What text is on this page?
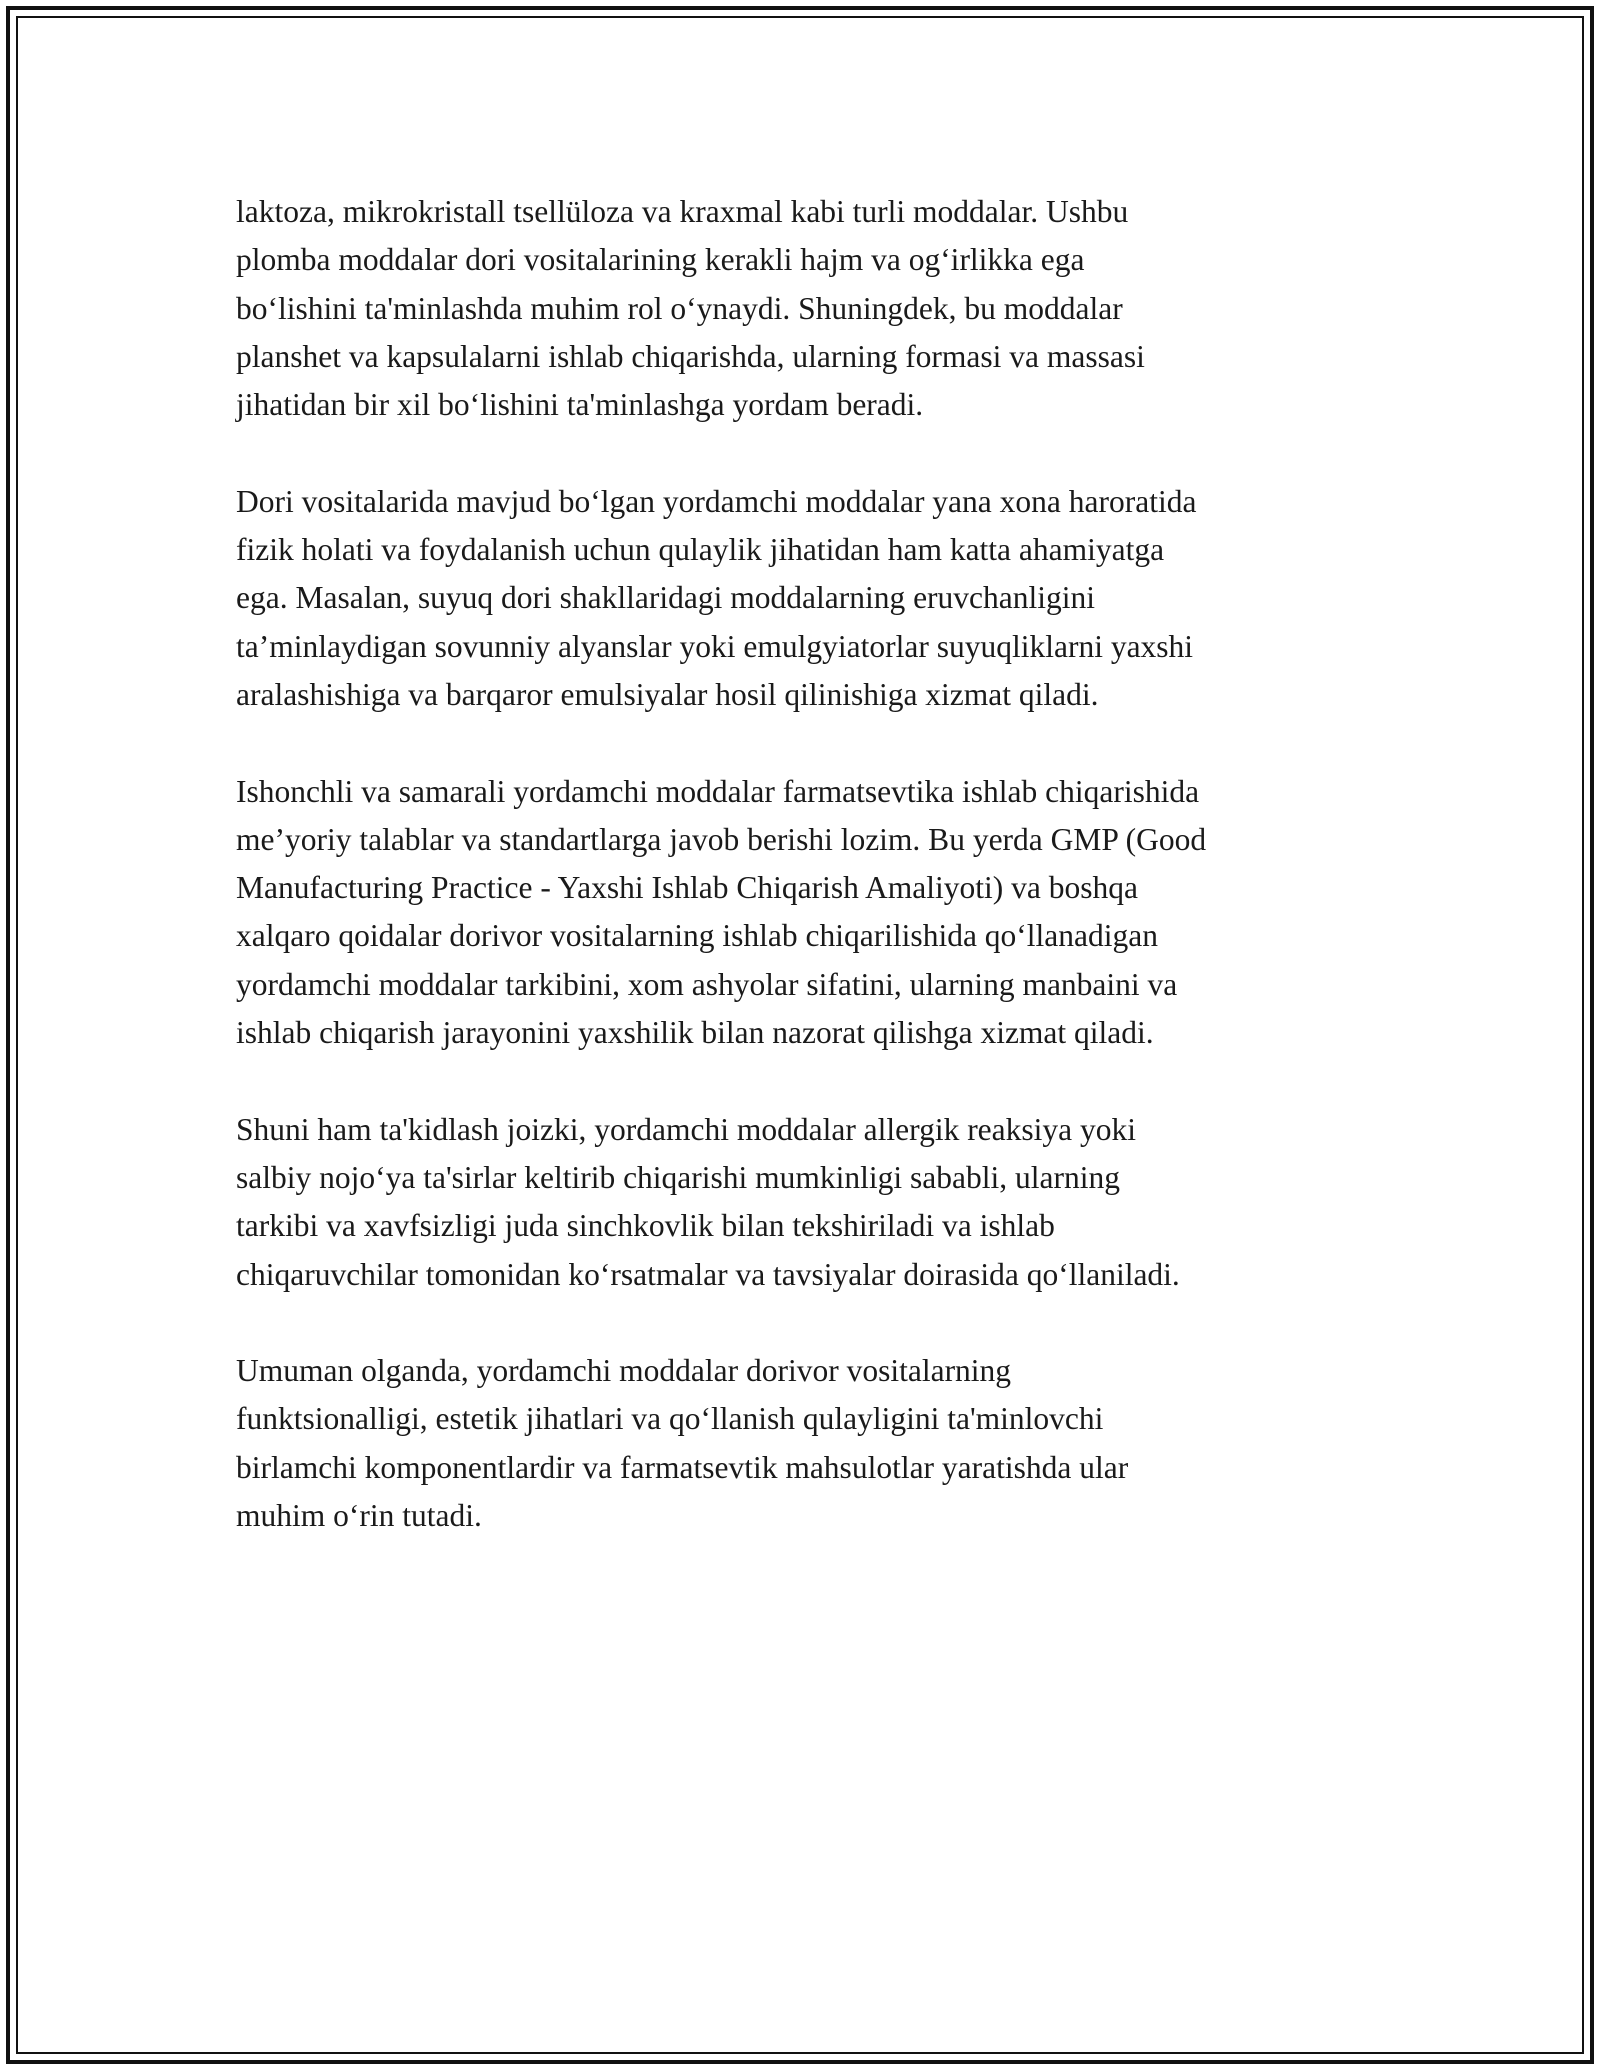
laktoza, mikrokristall tsellüloza va kraxmal kabi turli moddalar. Ushbu
plomba moddalar dori vositalarining kerakli hajm va og‘irlikka ega
bo‘lishini ta'minlashda muhim rol o‘ynaydi. Shuningdek, bu moddalar
planshet va kapsulalarni ishlab chiqarishda, ularning formasi va massasi
jihatidan bir xil bo‘lishini ta'minlashga yordam beradi.

Dori vositalarida mavjud bo‘lgan yordamchi moddalar yana xona haroratida
fizik holati va foydalanish uchun qulaylik jihatidan ham katta ahamiyatga
ega. Masalan, suyuq dori shakllaridagi moddalarning eruvchanligini
ta’minlaydigan sovunniy alyanslar yoki emulgyiatorlar suyuqliklarni yaxshi
aralashishiga va barqaror emulsiyalar hosil qilinishiga xizmat qiladi.

Ishonchli va samarali yordamchi moddalar farmatsevtika ishlab chiqarishida
me’yoriy talablar va standartlarga javob berishi lozim. Bu yerda GMP (Good
Manufacturing Practice - Yaxshi Ishlab Chiqarish Amaliyoti) va boshqa
xalqaro qoidalar dorivor vositalarning ishlab chiqarilishida qo‘llanadigan
yordamchi moddalar tarkibini, xom ashyolar sifatini, ularning manbaini va
ishlab chiqarish jarayonini yaxshilik bilan nazorat qilishga xizmat qiladi.

Shuni ham ta'kidlash joizki, yordamchi moddalar allergik reaksiya yoki
salbiy nojo‘ya ta'sirlar keltirib chiqarishi mumkinligi sababli, ularning
tarkibi va xavfsizligi juda sinchkovlik bilan tekshiriladi va ishlab
chiqaruvchilar tomonidan ko‘rsatmalar va tavsiyalar doirasida qo‘llaniladi.

Umuman olganda, yordamchi moddalar dorivor vositalarning
funktsionalligi, estetik jihatlari va qo‘llanish qulayligini ta'minlovchi
birlamchi komponentlardir va farmatsevtik mahsulotlar yaratishda ular
muhim o‘rin tutadi.
